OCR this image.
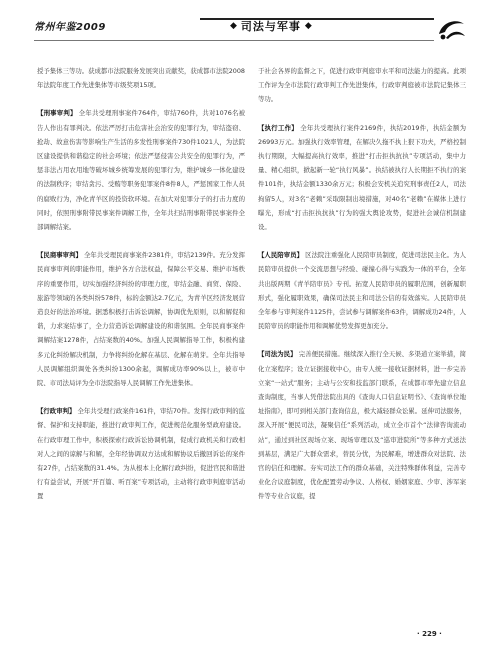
常州年鉴2009	◆ 司法与军事 ◆
授予集体三等功。获成都市法院服务发展突出贡献奖，获成都市法院2008年法院年度工作先进集体等市级奖项15项。
【刑事审判】 全年共受理刑事案件764件，审结760件，共对1076名被告人作出有罪判决。依法严厉打击危害社会治安的犯罪行为，审结盗窃、抢劫、故意伤害等影响生产生活的多发性刑事案件730件1021人，为法院区建设提供和谐稳定的社会环境；依法严惩侵害公共安全的犯罪行为，严惩非法占用农用地等破坏城乡统筹发展的犯罪行为，维护城乡一体化建设的法制秩序；审结贪污、受贿等职务犯罪案件8件8人，严惩国家工作人员的腐败行为，净化青羊区的投资软环境。在加大对犯罪分子的打击力度的同时，依照刑事附带民事案件调解工作，全年共扫结刑事附带民事案件全部调解结案。
【民商事审判】 全年共受理民商事案件2381件，审结2139件。充分发挥民商事审判的职能作用，维护各方合法权益，保障公平交易、维护市场秩序的重要作用，切实加强经济纠纷的审理力度，审结金融、商贸、保险、旅游等领域的各类纠纷578件，标的金额达2.7亿元，为青羊区经济发展营造良好的法治环境。据悉积极打击诉讼调解，协调优先原则，以和解促和谐，力求案结事了，全力营造诉讼调解建设的和谐氛围。全年民商事案件调解结案1278件，占结案数的40%。加强人民调解指导工作，积极构建多元化纠纷解决机制，力争将纠纷化解在基层、化解在萌芽。全年共指导人民调解组织调处各类纠纷1300余起，调解成功率90%以上，被市中院、市司法局评为全市法院指导人民调解工作先进集体。
【行政审判】 全年共受理行政案件161件，审结70件。发挥行政审判的监督、保护和支持职能，推进行政审判工作，促进规范化服务型政府建设。在行政审理工作中，积极探索行政诉讼协调机制，促成行政机关和行政相对人之间的谅解与和解，全年经协调双方达成和解协议后撤回诉讼的案件有27件，占结案数的31.4%。为从根本上化解行政纠纷，促进官民和谐进行有益尝试，开展“开百篇、听百案”专项活动，主动将行政审判庭审活动置
于社会各界的监督之下，促进行政审判庭审水平和司法能力的提高。此项工作评为全市法院行政审判工作先进集体，行政审判庭被市法院记集体三等功。
【执行工作】 全年共受理执行案件2169件，执结2019件，执结金额为26993万元。加强执行效率管理，在解决久拖不执上狠下功夫，严格控制执行期限，大幅提高执行效率，推进“打击拒执抗执”专项活动，集中力量、精心组织，掀起新一轮“执行风暴”。执结被执行人长期拒不执行的案件101件，执结金额1330余万元；积极会安机关追究刑事责任2人，司法拘留5人，对3名“老赖”采取限制出境措施，对40名“老赖”在媒体上进行曝光，形成“打击拒执抗执”行为的强大舆论攻势，促进社会诚信机制建设。
【人民陪审员】 区法院注重强化人民陪审员制度，促进司法民主化。为人民陪审员提供一个交流思想与经验、碰撞心得与实践为一体的平台，全年共出版两期《青羊陪审员》专刊。拓宽人民陪审员的履职范围，创新履职形式，强化履职效果，确保司法民主和司法公信的有效落实。人民陪审员全年参与审判案件1125件，尝试参与调解案件63件，调解成功24件，人民陪审员的职能作用和调解优势发挥更加充分。
【司法为民】 完善便民措施。继续深入推行全天候、多渠道立案举措，简化立案程序；设立证据接收中心，由专人统一接收证据材料，进一步完善立案“一站式”服务；主动与公安和技监部门联系，在成都市率先建立信息查询制度，当事人凭借法院出具的《查询人口信息证明书》、《查询单位地址指南》，即可到相关部门查询信息，极大减轻群众讼累。延伸司法服务，深入开展“便民司法，凝聚信任”系列活动，成立全市首个“法律咨询流动站”，通过到社区现场立案、现场审理以及“巡审进院所”等多种方式送法到基层，满足广大群众需求，替民分忧，为民解难，增进群众对法院、法官的信任和理解。夯实司法工作的群众基础，关注特殊群体利益，完善专业化合议庭制度，优化配置劳动争议、人格权、婚姻家庭、少审、涉军案件等专业合议庭，提
· 229 ·
